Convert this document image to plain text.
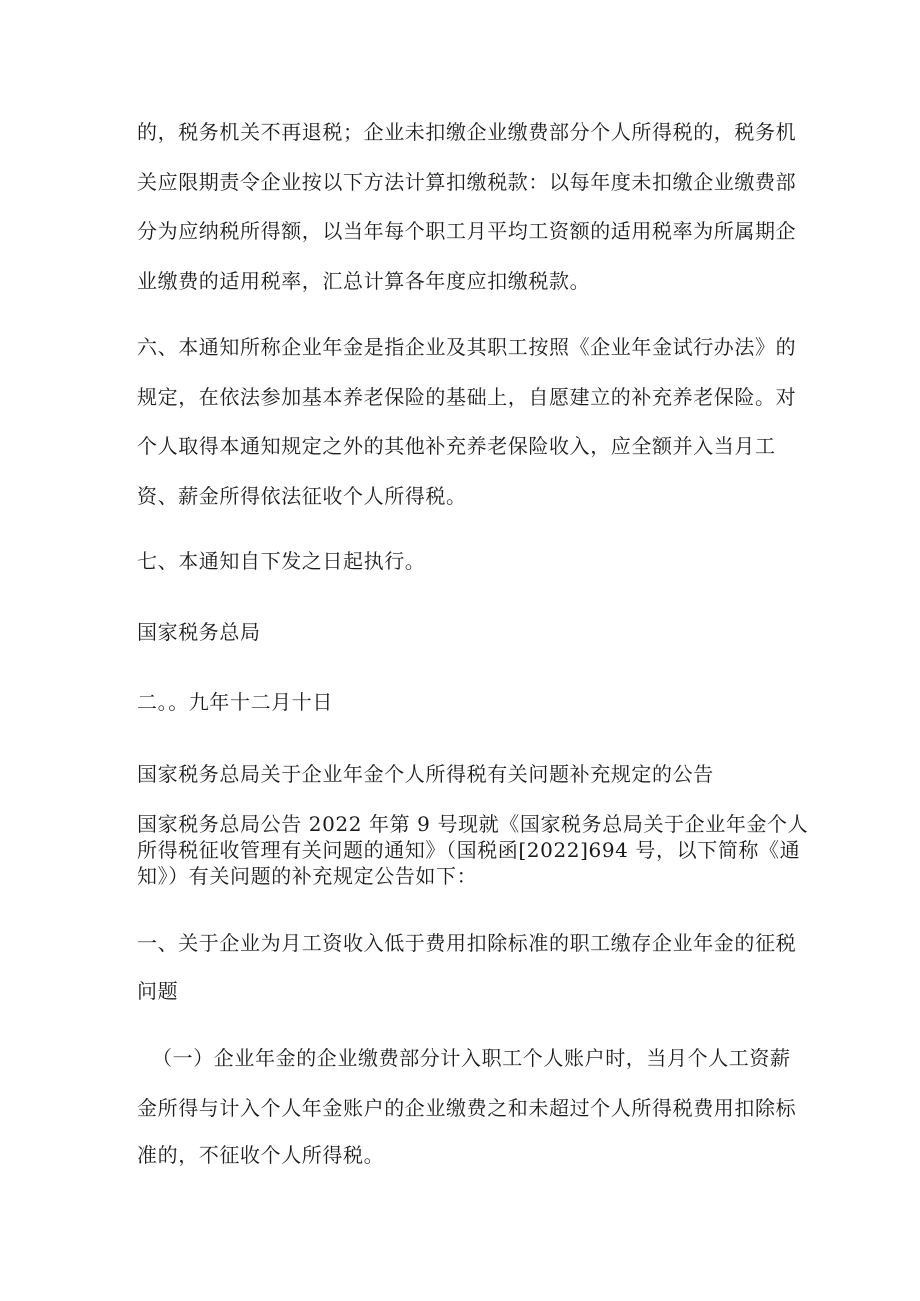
的，税务机关不再退税；企业未扣缴企业缴费部分个人所得税的，税务机
关应限期责令企业按以下方法计算扣缴税款：以每年度未扣缴企业缴费部
分为应纳税所得额，以当年每个职工月平均工资额的适用税率为所属期企
业缴费的适用税率，汇总计算各年度应扣缴税款。
六、本通知所称企业年金是指企业及其职工按照《企业年金试行办法》的
规定，在依法参加基本养老保险的基础上，自愿建立的补充养老保险。对
个人取得本通知规定之外的其他补充养老保险收入，应全额并入当月工
资、薪金所得依法征收个人所得税。
七、本通知自下发之日起执行。
国家税务总局
二。。九年十二月十日
国家税务总局关于企业年金个人所得税有关问题补充规定的公告
国家税务总局公告 2022 年第 9 号现就《国家税务总局关于企业年金个人
所得税征收管理有关问题的通知》（国税函[2022]694 号，以下简称《通
知》）有关问题的补充规定公告如下：
一、关于企业为月工资收入低于费用扣除标准的职工缴存企业年金的征税
问题
（一）企业年金的企业缴费部分计入职工个人账户时，当月个人工资薪
金所得与计入个人年金账户的企业缴费之和未超过个人所得税费用扣除标
准的，不征收个人所得税。
